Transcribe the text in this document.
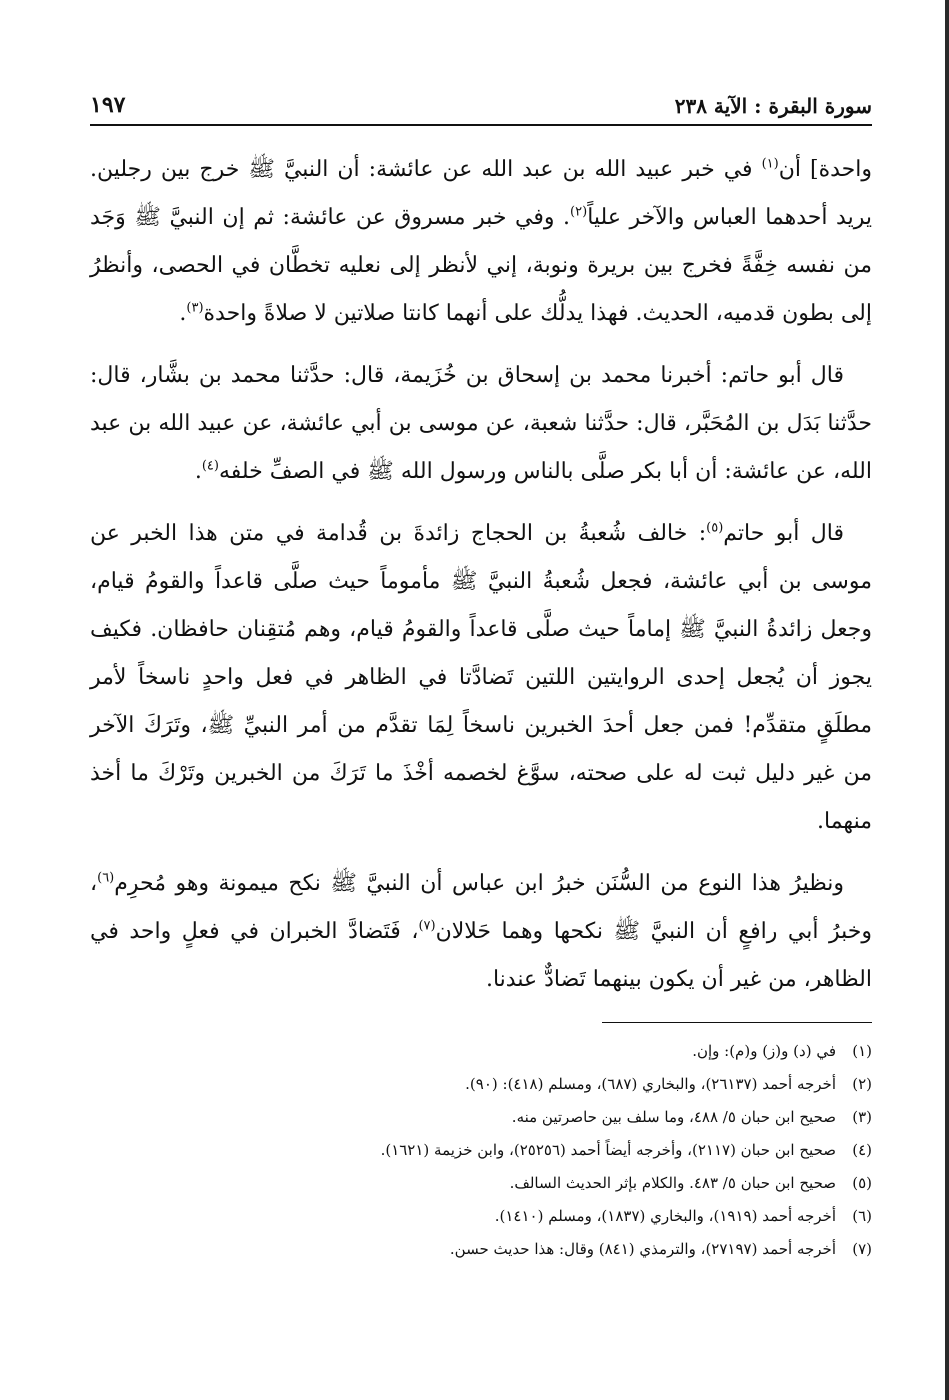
سورة البقرة : الآية ٢٣٨
١٩٧

واحدة] أن$^{(١)}$ في خبر عبيد الله بن عبد الله عن عائشة: أن النبيَّ ﷺ خرج بين رجلين. يريد أحدهما العباس والآخر علياً$^{(٢)}$. وفي خبر مسروق عن عائشة: ثم إن النبيَّ ﷺ وَجَد من نفسه خِفَّةً فخرج بين بريرة ونوبة، إني لأنظر إلى نعليه تخطَّان في الحصى، وأنظرُ إلى بطون قدميه، الحديث. فهذا يدلُّك على أنهما كانتا صلاتين لا صلاةً واحدة$^{(٣)}$.

قال أبو حاتم: أخبرنا محمد بن إسحاق بن خُزَيمة، قال: حدَّثنا محمد بن بشَّار، قال: حدَّثنا بَدَل بن المُحَبَّر، قال: حدَّثنا شعبة، عن موسى بن أبي عائشة، عن عبيد الله بن عبد الله، عن عائشة: أن أبا بكر صلَّى بالناس ورسول الله ﷺ في الصفِّ خلفه$^{(٤)}$.

قال أبو حاتم$^{(٥)}$: خالف شُعبةُ بن الحجاج زائدةَ بن قُدامة في متن هذا الخبر عن موسى بن أبي عائشة، فجعل شُعبةُ النبيَّ ﷺ مأموماً حيث صلَّى قاعداً والقومُ قيام، وجعل زائدةُ النبيَّ ﷺ إماماً حيث صلَّى قاعداً والقومُ قيام، وهم مُتقِنان حافظان. فكيف يجوز أن يُجعل إحدى الروايتين اللتين تَضادَّتا في الظاهر في فعل واحدٍ ناسخاً لأمر مطلَقٍ متقدِّم! فمن جعل أحدَ الخبرين ناسخاً لِمَا تقدَّم من أمر النبيِّ ﷺ، وتَرَكَ الآخر من غير دليل ثبت له على صحته، سوَّغ لخصمه أخْذَ ما تَرَكَ من الخبرين وتَرْكَ ما أخذ منهما.

ونظيرُ هذا النوع من السُّنَن خبرُ ابن عباس أن النبيَّ ﷺ نكح ميمونة وهو مُحرِم$^{(٦)}$، وخبرُ أبي رافعٍ أن النبيَّ ﷺ نكحها وهما حَلالان$^{(٧)}$، فَتَضادَّ الخبران في فعلٍ واحد في الظاهر، من غير أن يكون بينهما تَضادٌّ عندنا.

(١)
في (د) و(ز) و(م): وإن.
(٢)
أخرجه أحمد (٢٦١٣٧)، والبخاري (٦٨٧)، ومسلم (٤١٨): (٩٠).
(٣)
صحيح ابن حبان ٥/ ٤٨٨، وما سلف بين حاصرتين منه.
(٤)
صحيح ابن حبان (٢١١٧)، وأخرجه أيضاً أحمد (٢٥٢٥٦)، وابن خزيمة (١٦٢١).
(٥)
صحيح ابن حبان ٥/ ٤٨٣. والكلام بإثر الحديث السالف.
(٦)
أخرجه أحمد (١٩١٩)، والبخاري (١٨٣٧)، ومسلم (١٤١٠).
(٧)
أخرجه أحمد (٢٧١٩٧)، والترمذي (٨٤١) وقال: هذا حديث حسن.
